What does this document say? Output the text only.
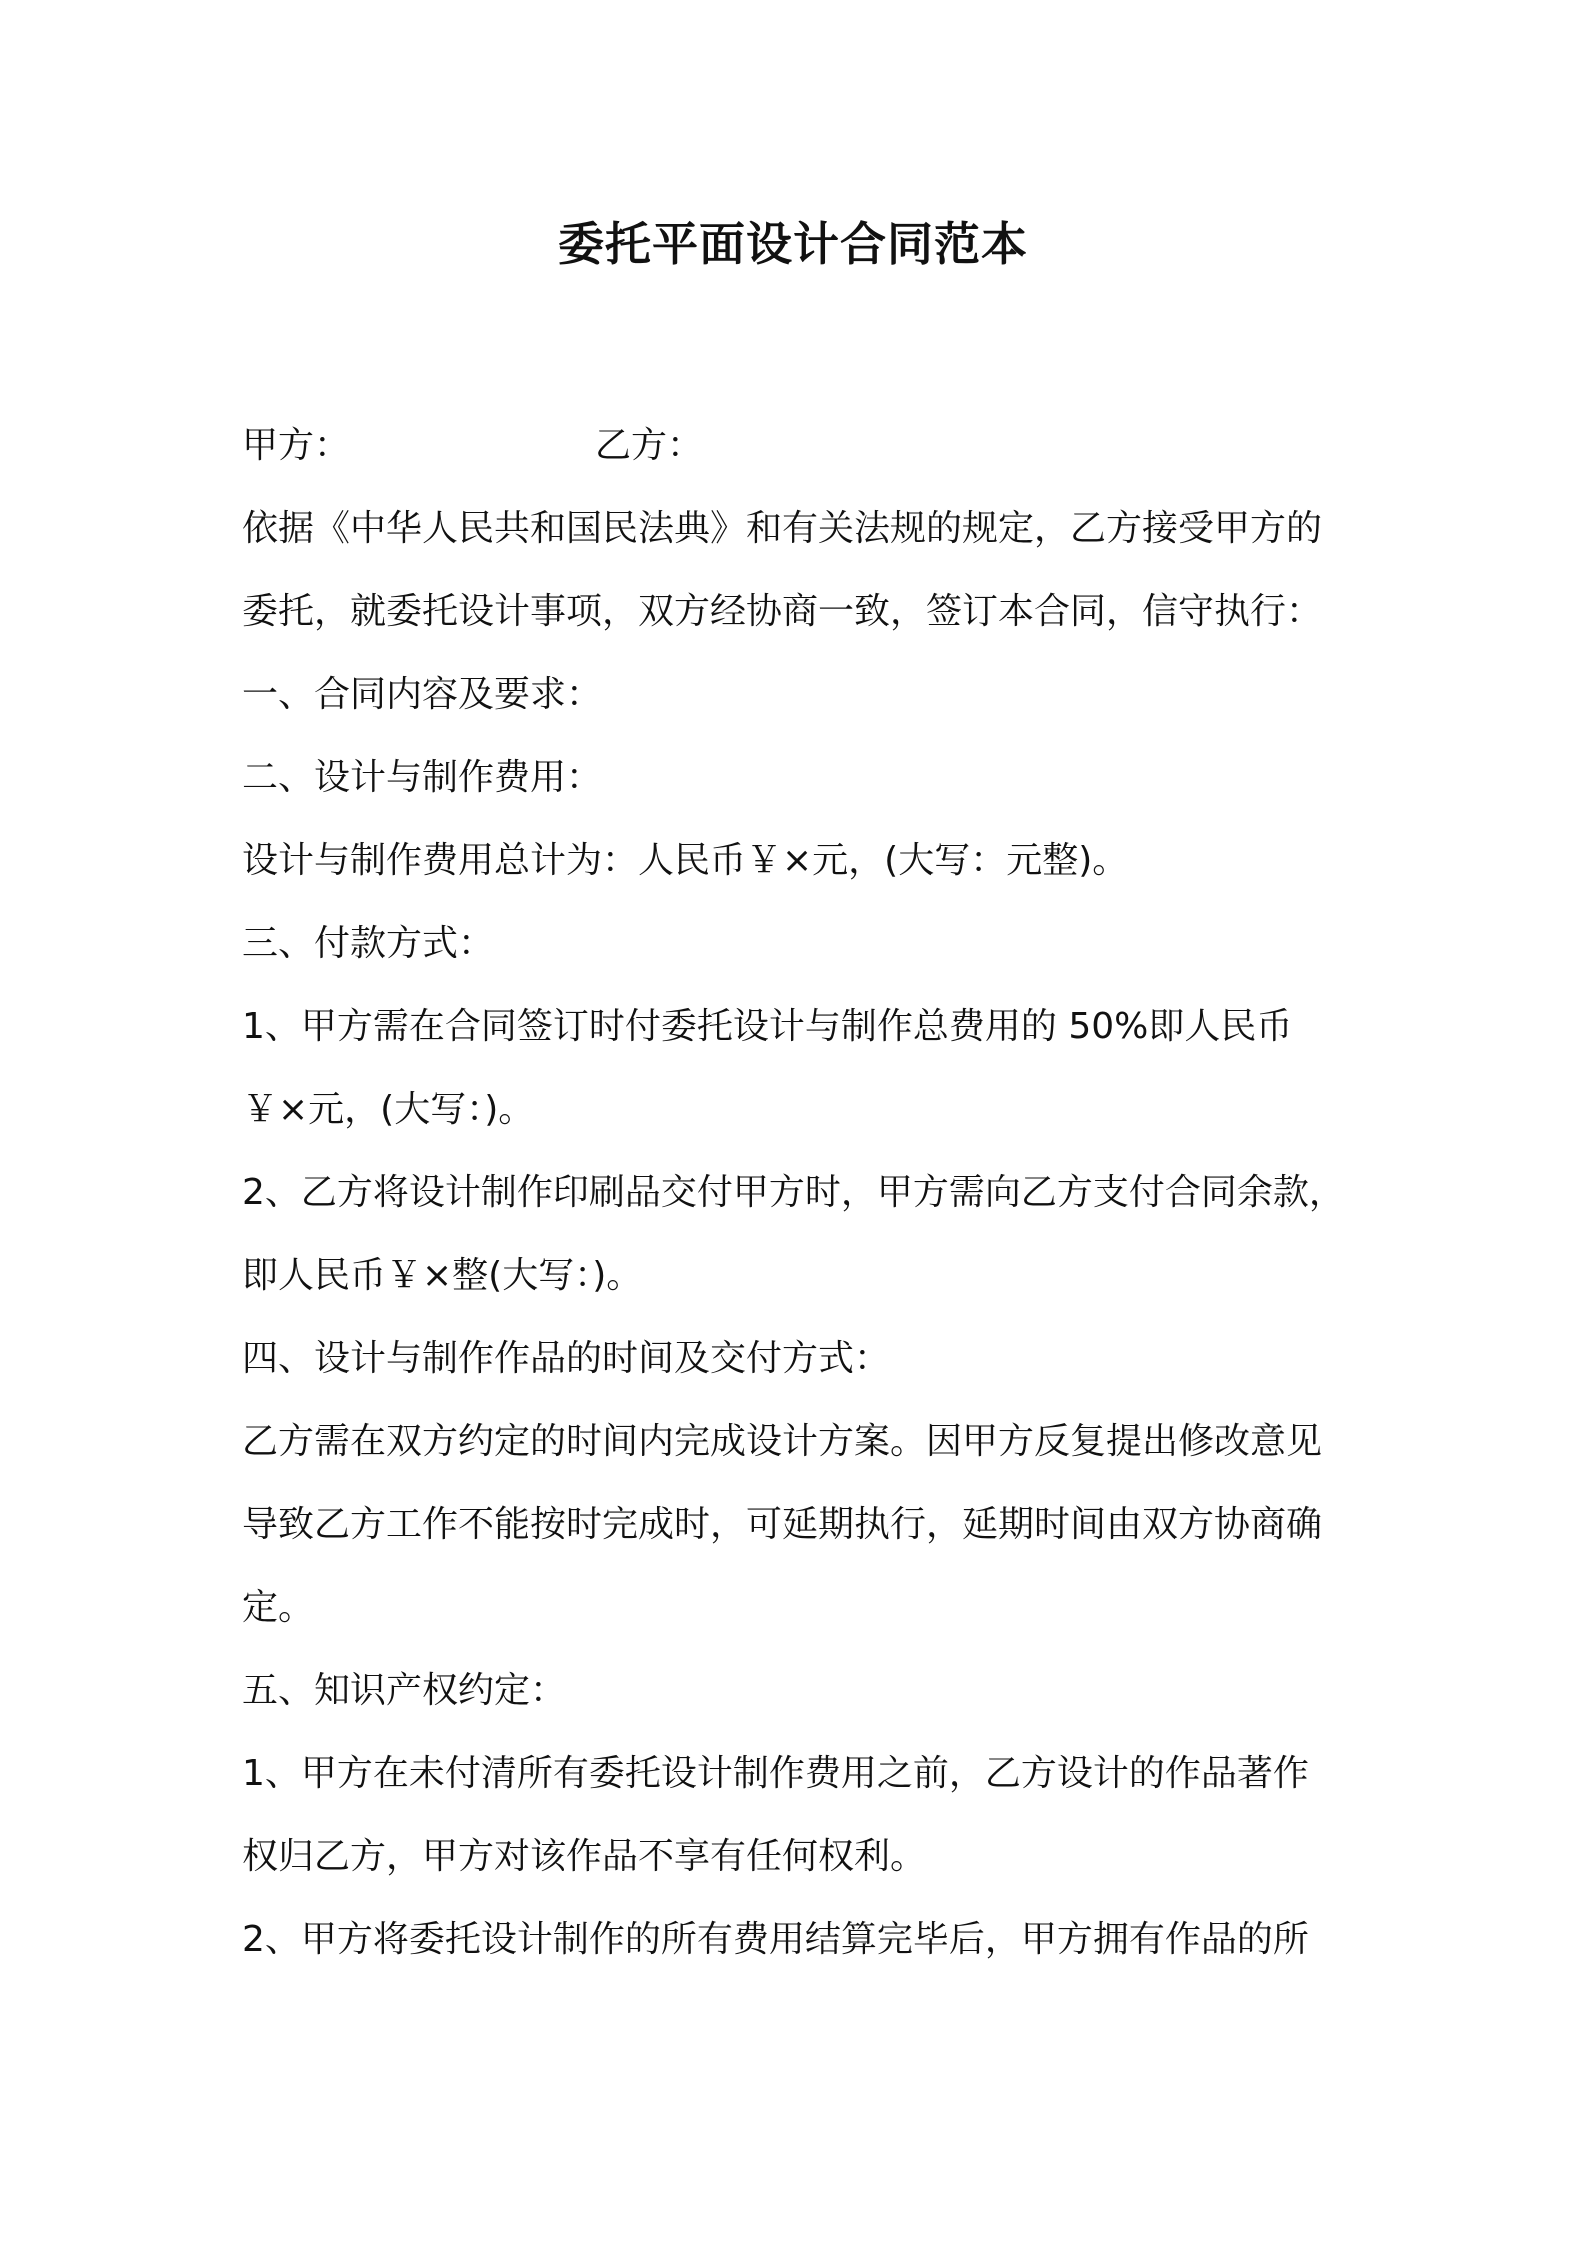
委托平面设计合同范本
甲方：	乙方：
依据《中华人民共和国民法典》和有关法规的规定，乙方接受甲方的
委托，就委托设计事项，双方经协商一致，签订本合同，信守执行：
一、合同内容及要求：
二、设计与制作费用：
设计与制作费用总计为：人民币￥×元，(大写：元整)。
三、付款方式：
1、甲方需在合同签订时付委托设计与制作总费用的 50%即人民币
￥×元，(大写：)。
2、乙方将设计制作印刷品交付甲方时，甲方需向乙方支付合同余款，
即人民币￥×整(大写：)。
四、设计与制作作品的时间及交付方式：
乙方需在双方约定的时间内完成设计方案。因甲方反复提出修改意见
导致乙方工作不能按时完成时，可延期执行，延期时间由双方协商确
定。
五、知识产权约定：
1、甲方在未付清所有委托设计制作费用之前，乙方设计的作品著作
权归乙方，甲方对该作品不享有任何权利。
2、甲方将委托设计制作的所有费用结算完毕后，甲方拥有作品的所
